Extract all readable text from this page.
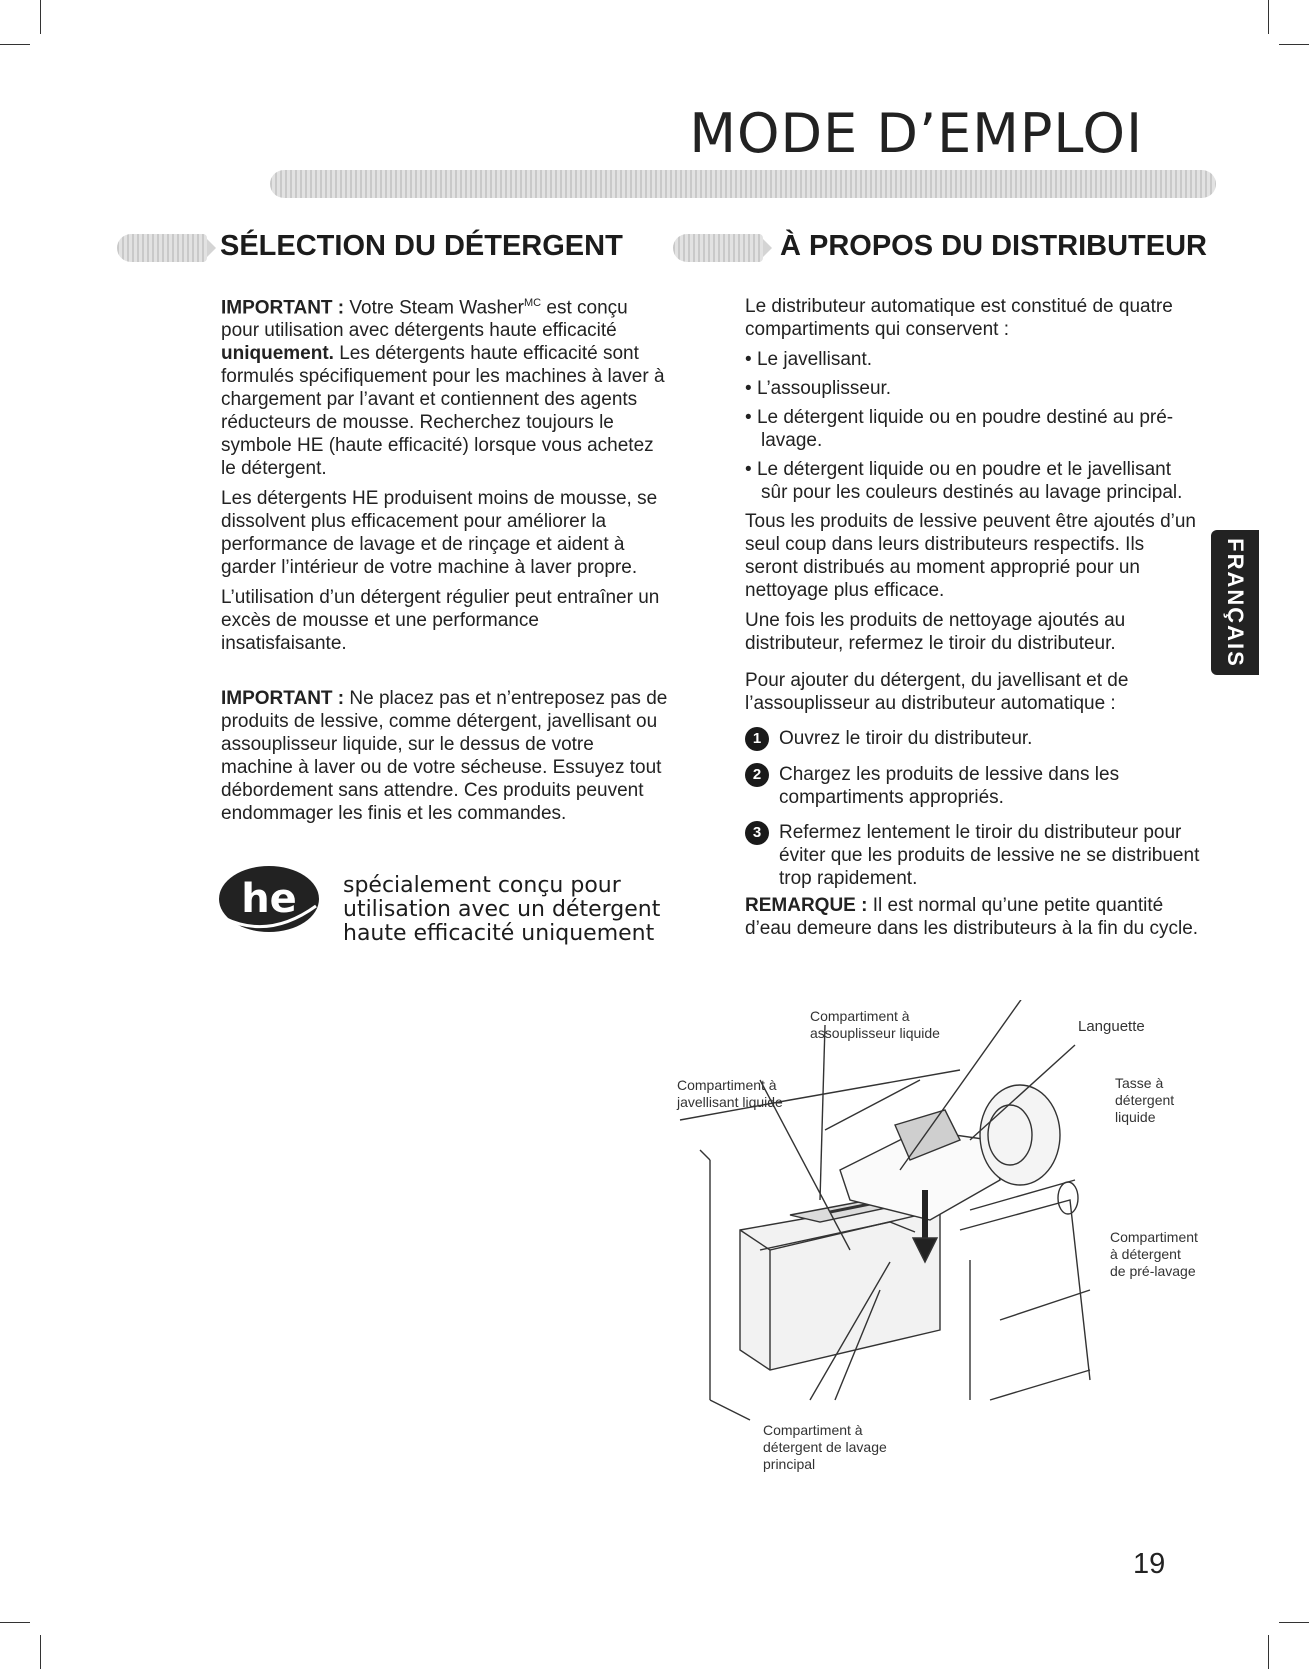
MODE D’EMPLOI
SÉLECTION DU DÉTERGENT

IMPORTANT : Votre Steam Washer$^{MC}$ est conçu pour utilisation avec détergents haute efficacité uniquement. Les détergents haute efficacité sont formulés spécifiquement pour les machines à laver à chargement par l’avant et contiennent des agents réducteurs de mousse. Recherchez toujours le symbole HE (haute efficacité) lorsque vous achetez le détergent.

Les détergents HE produisent moins de mousse, se dissolvent plus efficacement pour améliorer la performance de lavage et de rinçage et aident à garder l’intérieur de votre machine à laver propre.

L’utilisation d’un détergent régulier peut entraîner un excès de mousse et une performance insatisfaisante.

IMPORTANT : Ne placez pas et n’entreposez pas de produits de lessive, comme détergent, javellisant ou assouplisseur liquide, sur le dessus de votre machine à laver ou de votre sécheuse. Essuyez tout débordement sans attendre. Ces produits peuvent endommager les finis et les commandes.

he spécialement conçu pour
utilisation avec un détergent
haute efficacité uniquement
À PROPOS DU DISTRIBUTEUR

Le distributeur automatique est constitué de quatre compartiments qui conservent :

• Le javellisant.
• L’assouplisseur.
• Le détergent liquide ou en poudre destiné au pré-lavage.
• Le détergent liquide ou en poudre et le javellisant sûr pour les couleurs destinés au lavage principal.

Tous les produits de lessive peuvent être ajoutés d’un seul coup dans leurs distributeurs respectifs. Ils seront distribués au moment approprié pour un nettoyage plus efficace.

Une fois les produits de nettoyage ajoutés au distributeur, refermez le tiroir du distributeur.

Pour ajouter du détergent, du javellisant et de l’assouplisseur au distributeur automatique :

1 Ouvrez le tiroir du distributeur.
2 Chargez les produits de lessive dans les compartiments appropriés.
3 Refermez lentement le tiroir du distributeur pour éviter que les produits de lessive ne se distribuent trop rapidement.

REMARQUE : Il est normal qu’une petite quantité d’eau demeure dans les distributeurs à la fin du cycle.

FRANÇAIS
Compartiment à
assouplisseur liquide	Languette
Compartiment à
javellisant liquide
Tasse à
détergent
liquide
Compartiment
à détergent
de pré-lavage
Compartiment à
détergent de lavage
principal
19
